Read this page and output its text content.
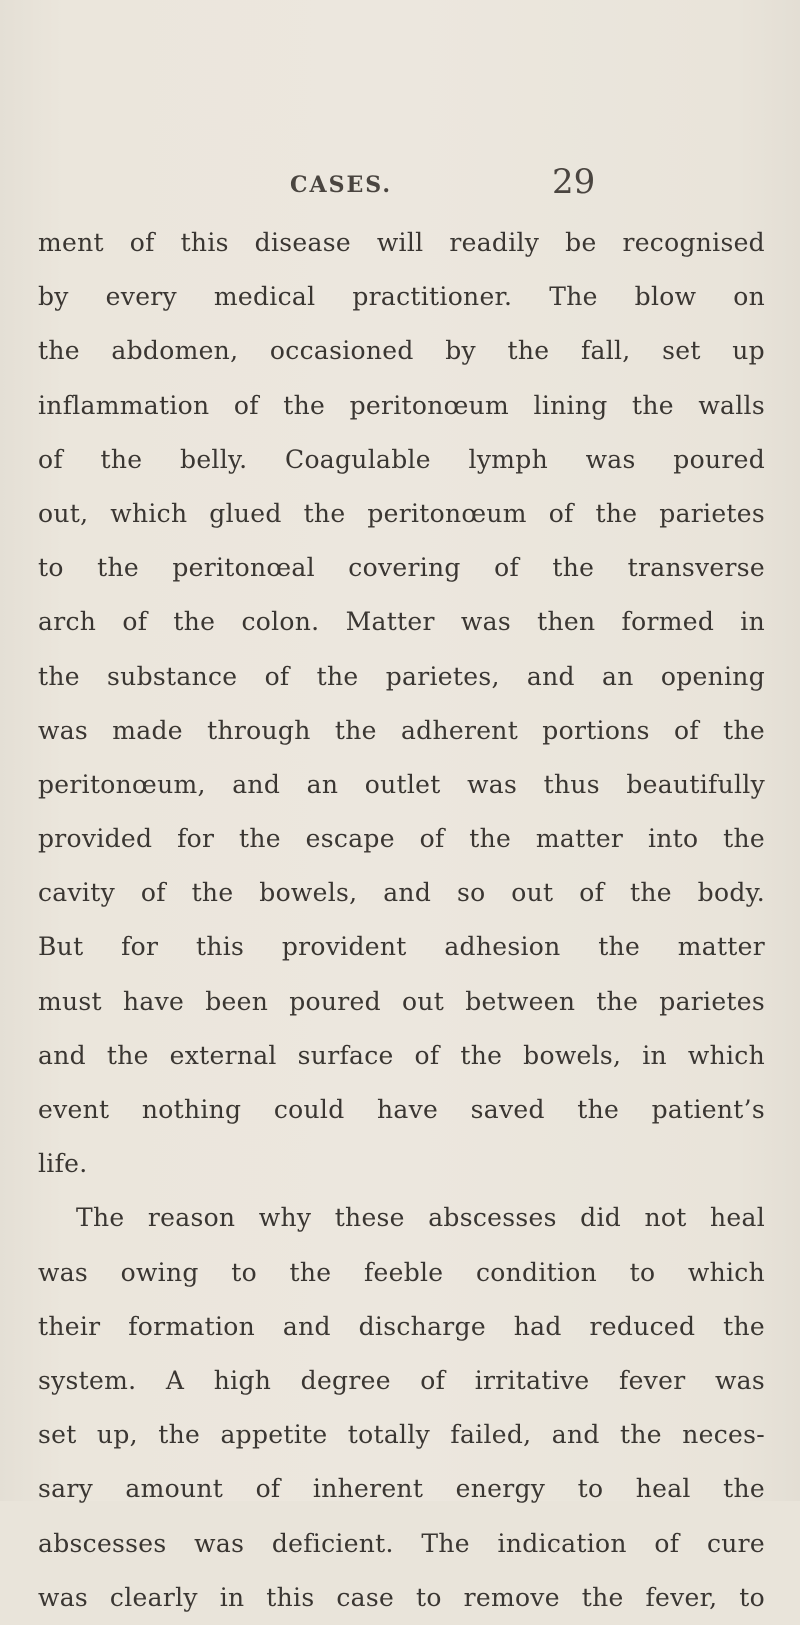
CASES.	29
ment of this disease will readily be recognised
by every medical practitioner. The blow on
the abdomen, occasioned by the fall, set up
inflammation of the peritonœum lining the walls
of the belly. Coagulable lymph was poured
out, which glued the peritonœum of the parietes
to the peritonœal covering of the transverse
arch of the colon. Matter was then formed in
the substance of the parietes, and an opening
was made through the adherent portions of the
peritonœum, and an outlet was thus beautifully
provided for the escape of the matter into the
cavity of the bowels, and so out of the body.
But for this provident adhesion the matter
must have been poured out between the parietes
and the external surface of the bowels, in which
event nothing could have saved the patient’s
life.
The reason why these abscesses did not heal
was owing to the feeble condition to which
their formation and discharge had reduced the
system. A high degree of irritative fever was
set up, the appetite totally failed, and the neces-
sary amount of inherent energy to heal the
abscesses was deficient. The indication of cure
was clearly in this case to remove the fever, to
